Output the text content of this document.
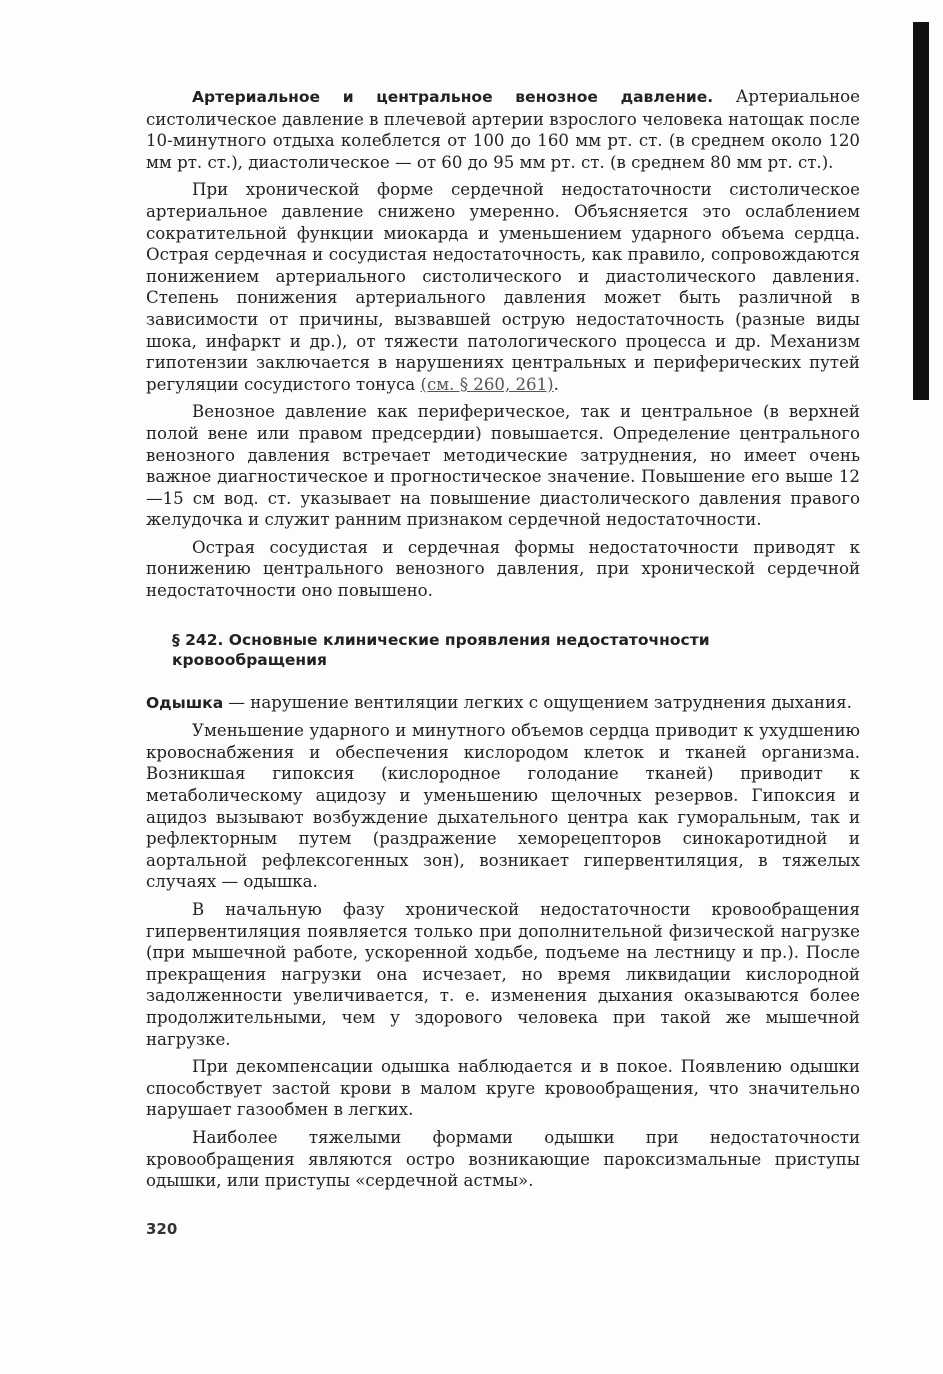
Артериальное и центральное венозное давление. Артериальное систолическое давление в плечевой артерии взрослого человека натощак после 10-минутного отдыха колеблется от 100 до 160 мм рт. ст. (в среднем около 120 мм рт. ст.), диастолическое — от 60 до 95 мм рт. ст. (в среднем 80 мм рт. ст.).

При хронической форме сердечной недостаточности систолическое артериальное давление снижено умеренно. Объясняется это ослаблением сократительной функции миокарда и уменьшением ударного объема сердца. Острая сердечная и сосудистая недостаточность, как правило, сопровождаются понижением артериального систолического и диастолического давления. Степень понижения артериального давления может быть различной в зависимости от причины, вызвавшей острую недостаточность (разные виды шока, инфаркт и др.), от тяжести патологического процесса и др. Механизм гипотензии заключается в нарушениях центральных и периферических путей регуляции сосудистого тонуса (см. § 260, 261).

Венозное давление как периферическое, так и центральное (в верхней полой вене или правом предсердии) повышается. Определение центрального венозного давления встречает методические затруднения, но имеет очень важное диагностическое и прогностическое значение. Повышение его выше 12—15 см вод. ст. указывает на повышение диастолического давления правого желудочка и служит ранним признаком сердечной недостаточности.

Острая сосудистая и сердечная формы недостаточности приводят к понижению центрального венозного давления, при хронической сердечной недостаточности оно повышено.

§ 242. Основные клинические проявления недостаточности
кровообращения

Одышка — нарушение вентиляции легких с ощущением затруднения дыхания.

Уменьшение ударного и минутного объемов сердца приводит к ухудшению кровоснабжения и обеспечения кислородом клеток и тканей организма. Возникшая гипоксия (кислородное голодание тканей) приводит к метаболическому ацидозу и уменьшению щелочных резервов. Гипоксия и ацидоз вызывают возбуждение дыхательного центра как гуморальным, так и рефлекторным путем (раздражение хеморецепторов синокаротидной и аортальной рефлексогенных зон), возникает гипервентиляция, в тяжелых случаях — одышка.

В начальную фазу хронической недостаточности кровообращения гипервентиляция появляется только при дополнительной физической нагрузке (при мышечной работе, ускоренной ходьбе, подъеме на лестницу и пр.). После прекращения нагрузки она исчезает, но время ликвидации кислородной задолженности увеличивается, т. е. изменения дыхания оказываются более продолжительными, чем у здорового человека при такой же мышечной нагрузке.

При декомпенсации одышка наблюдается и в покое. Появлению одышки способствует застой крови в малом круге кровообращения, что значительно нарушает газообмен в легких.

Наиболее тяжелыми формами одышки при недостаточности кровообращения являются остро возникающие пароксизмальные приступы одышки, или приступы «сердечной астмы».

320
